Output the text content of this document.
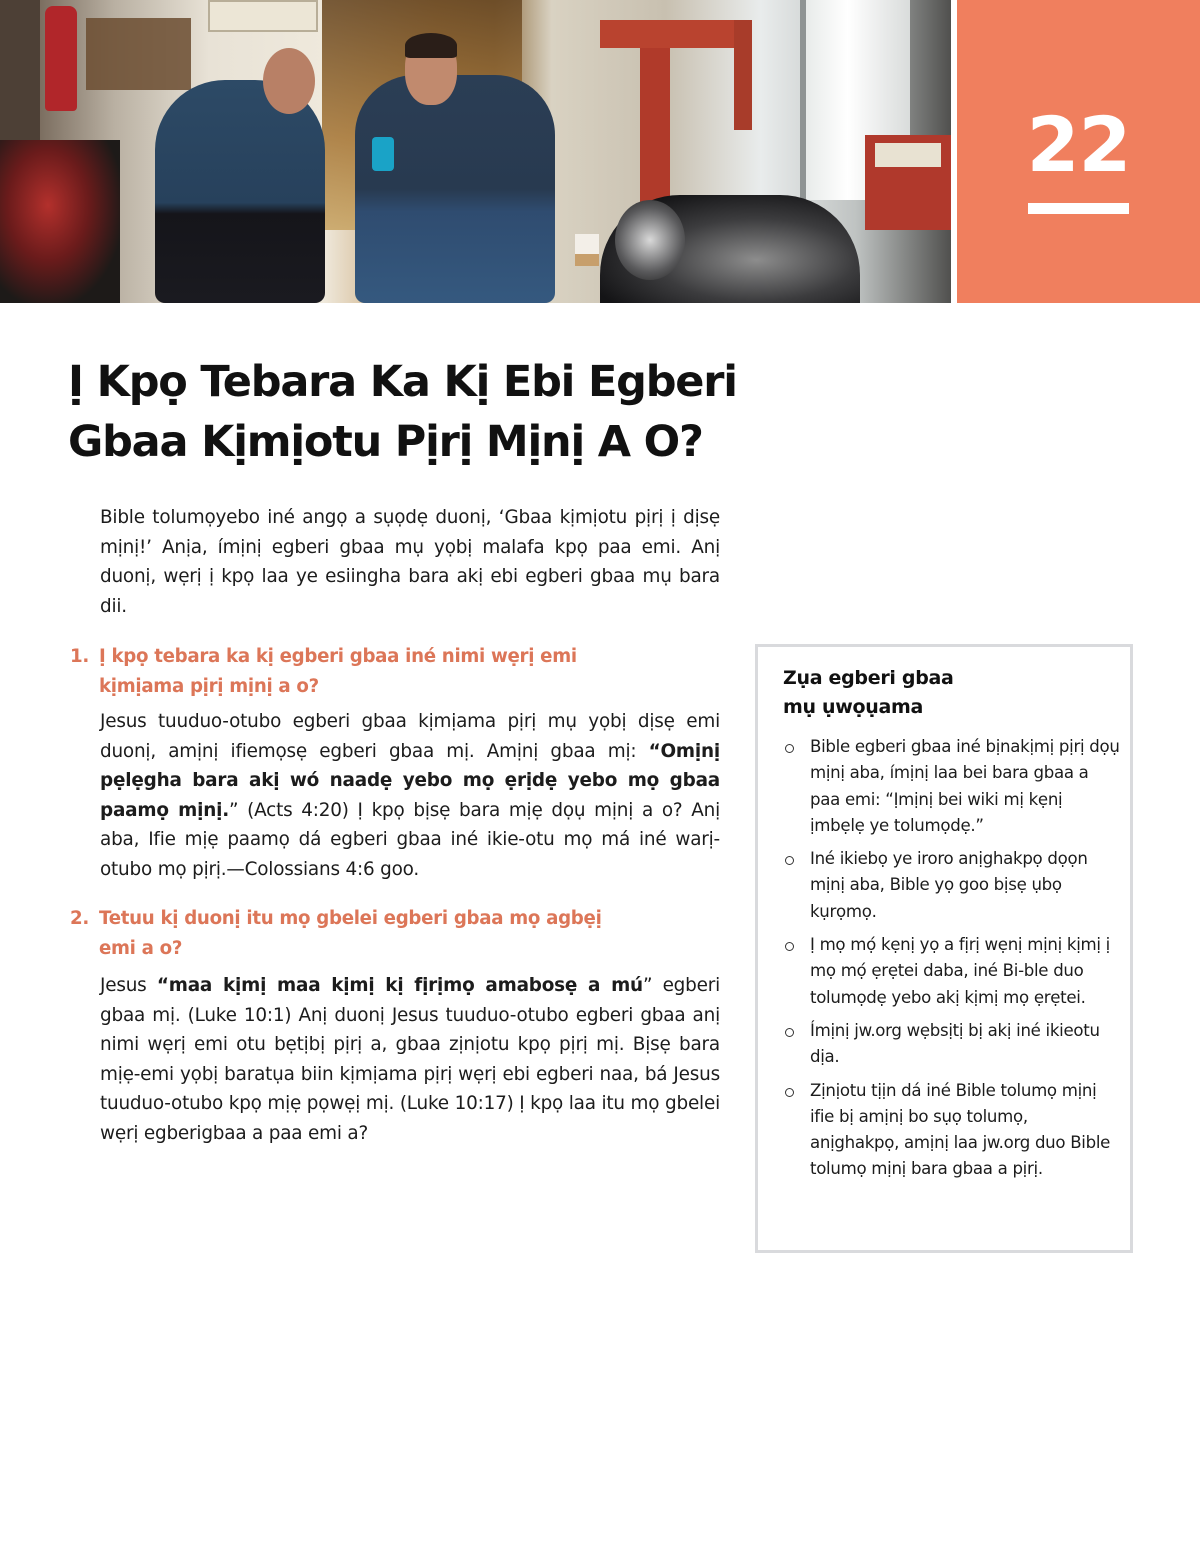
22
Ị Kpọ Tebara Ka Kị Ebi Egberi
Gbaa Kịmịotu Pịrị Mịnị A O?

Bible tolumọyebo iné angọ a sụọdẹ duonị, ‘Gbaa kịmịotu pịrị ị dịsẹ mịnị!’ Anịa, ímịnị egberi gbaa mụ yọbị malafa kpọ paa emi. Anị duonị, wẹrị ị kpọ laa ye esiingha bara akị ebi egberi gbaa mụ bara dii.

1. Ị kpọ tebara ka kị egberi gbaa iné nimi wẹrị emi kịmịama pịrị mịnị a o?

Jesus tuuduo-otubo egberi gbaa kịmịama pịrị mụ yọbị dịsẹ emi duonị, amịnị ifiemọsẹ egberi gbaa mị. Amịnị gbaa mị: “Omịnị pẹlẹgha bara akị wó naadẹ yebo mọ ẹrịdẹ yebo mọ gbaa paamọ mịnị.” (Acts 4:20) Ị kpọ bịsẹ bara mịẹ dọụ mịnị a o? Anị aba, Ifie mịẹ paamọ dá egberi gbaa iné ikie-otu mọ má iné warị-otubo mọ pịrị.—Colossians 4:6 goo.

2. Tetuu kị duonị itu mọ gbelei egberi gbaa mọ agbẹị emi a o?

Jesus “maa kịmị maa kịmị kị fịrịmọ amabosẹ a mú” egberi gbaa mị. (Luke 10:1) Anị duonị Jesus tuuduo-otubo egberi gbaa anị nimi wẹrị emi otu bẹtịbị pịrị a, gbaa zịnịotu kpọ pịrị mị. Bịsẹ bara mịẹ-emi yọbị baratụa biin kịmịama pịrị wẹrị ebi egberi naa, bá Jesus tuuduo-otubo kpọ mịẹ pọwẹị mị. (Luke 10:17) Ị kpọ laa itu mọ gbelei wẹrị egberigbaa a paa emi a?

Zụa egberi gbaa
mụ ụwọụama
Bible egberi gbaa iné bịnakịmị pịrị dọụ mịnị aba, ímịnị laa bei bara gbaa a paa emi: “Ịmịnị bei wiki mị kẹnị ịmbẹlẹ ye tolumọdẹ.”
Iné ikiebọ ye iroro anịghakpọ dọọn mịnị aba, Bible yọ goo bịsẹ ụbọ kụrọmọ.
Ị mọ mọ́ kẹnị yọ a fịrị wẹnị mịnị kịmị ị mọ mọ́ ẹrẹtei daba, iné Bi-ble duo tolumọdẹ yebo akị kịmị mọ ẹrẹtei.
Ímịnị jw.org wẹbsịtị bị akị iné ikieotu dịa.
Zịnịotu tịịn dá iné Bible tolumọ mịnị ifie bị amịnị bo sụọ tolumọ, anịghakpọ, amịnị laa jw.org duo Bible tolumọ mịnị bara gbaa a pịrị.
